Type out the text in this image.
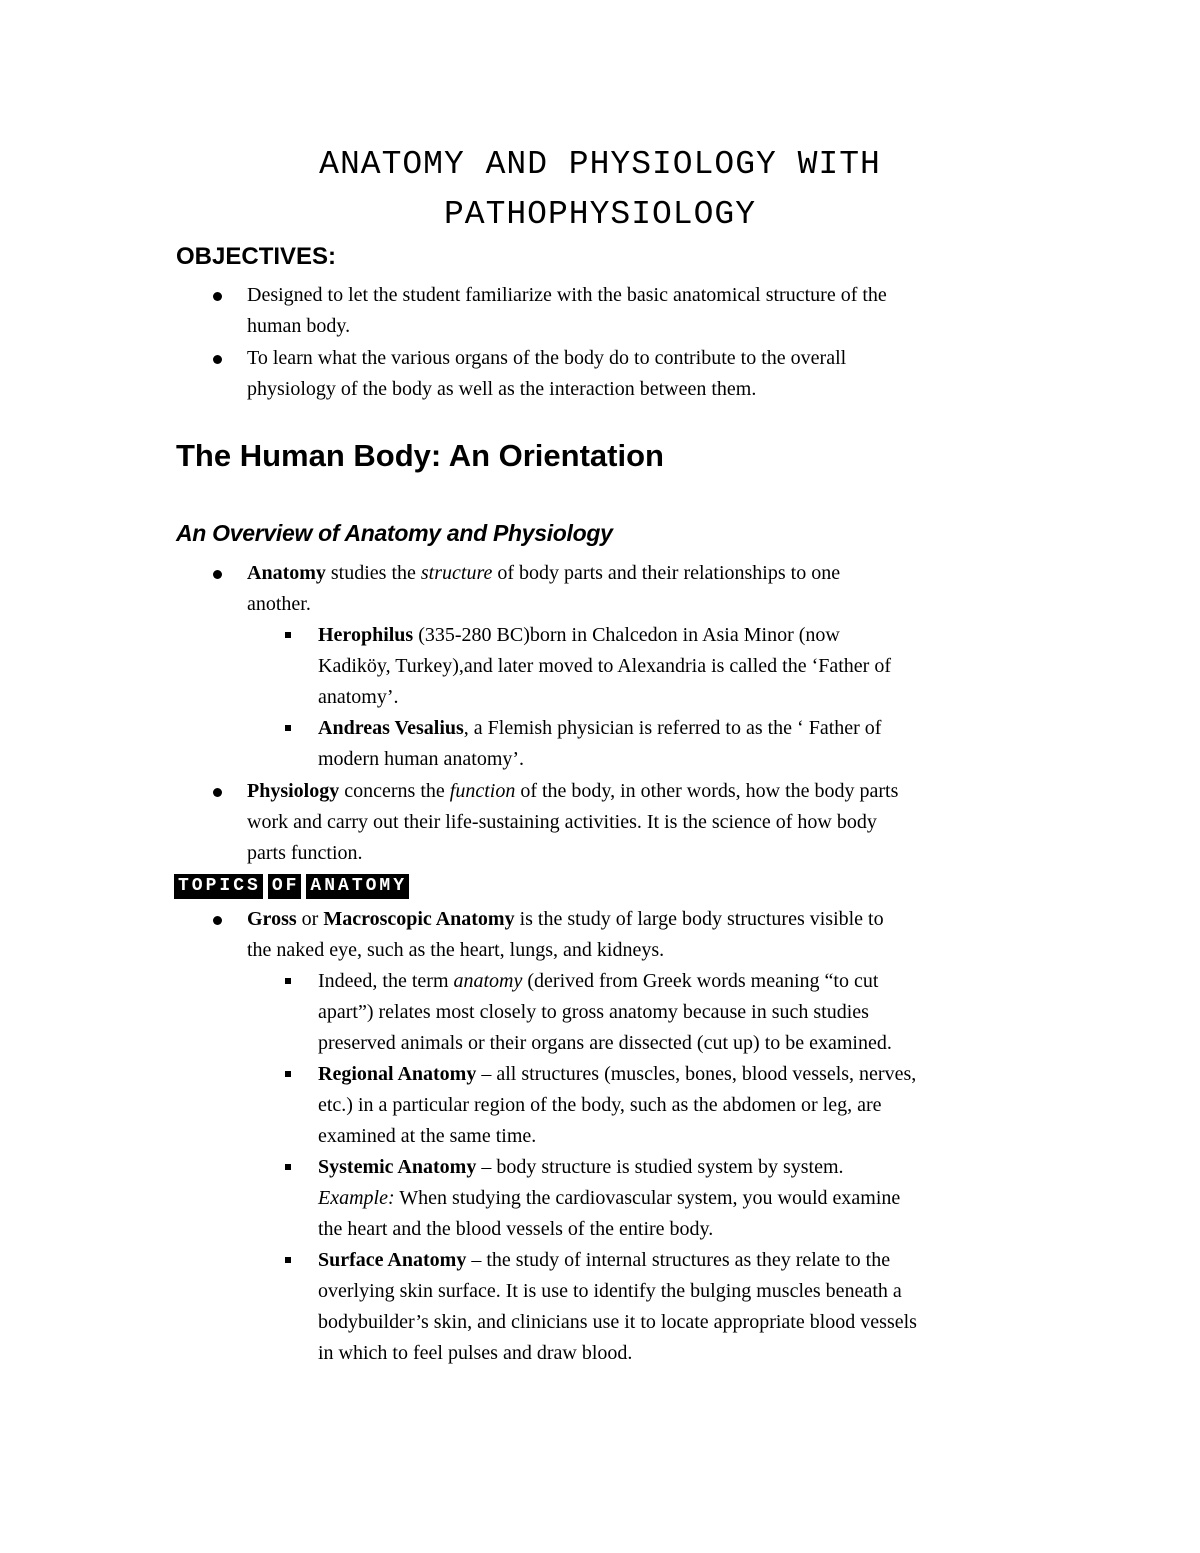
ANATOMY AND PHYSIOLOGY WITH
PATHOPHYSIOLOGY
OBJECTIVES:
Designed to let the student familiarize with the basic anatomical structure of the
human body.
To learn what the various organs of the body do to contribute to the overall
physiology of the body as well as the interaction between them.
The Human Body: An Orientation
An Overview of Anatomy and Physiology
Anatomy studies the structure of body parts and their relationships to one
another.
Herophilus (335-280 BC)born in Chalcedon in Asia Minor (now
Kadiköy, Turkey),and later moved to Alexandria is called the ‘Father of
anatomy’.
Andreas Vesalius, a Flemish physician is referred to as the ‘ Father of
modern human anatomy’.
Physiology concerns the function of the body, in other words, how the body parts
work and carry out their life-sustaining activities. It is the science of how body
parts function.
TOPICS OF ANATOMY
Gross or Macroscopic Anatomy is the study of large body structures visible to
the naked eye, such as the heart, lungs, and kidneys.
Indeed, the term anatomy (derived from Greek words meaning “to cut
apart”) relates most closely to gross anatomy because in such studies
preserved animals or their organs are dissected (cut up) to be examined.
Regional Anatomy – all structures (muscles, bones, blood vessels, nerves,
etc.) in a particular region of the body, such as the abdomen or leg, are
examined at the same time.
Systemic Anatomy – body structure is studied system by system.
Example: When studying the cardiovascular system, you would examine
the heart and the blood vessels of the entire body.
Surface Anatomy – the study of internal structures as they relate to the
overlying skin surface. It is use to identify the bulging muscles beneath a
bodybuilder’s skin, and clinicians use it to locate appropriate blood vessels
in which to feel pulses and draw blood.
